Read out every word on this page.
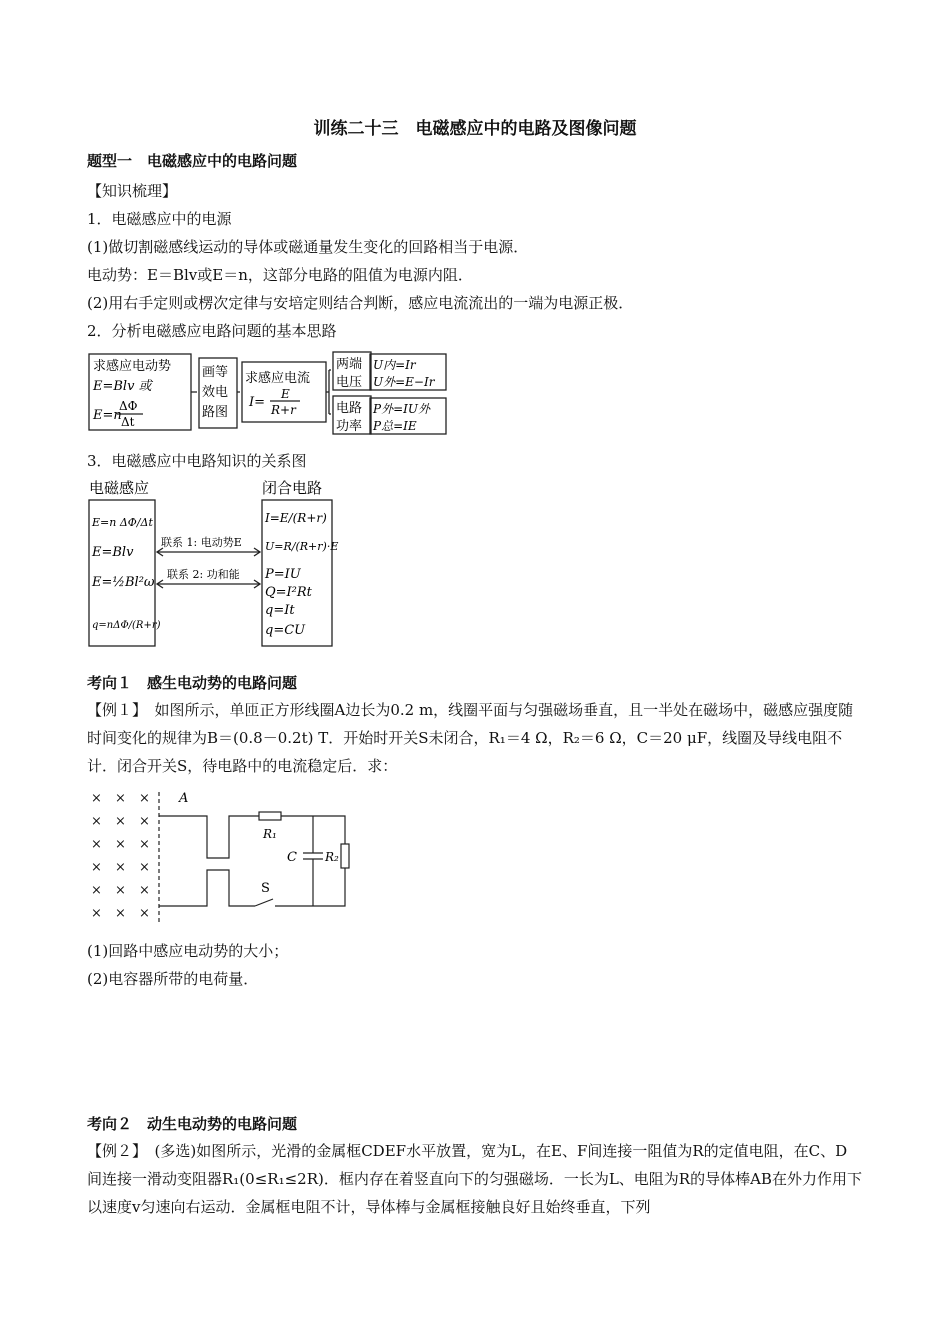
训练二十三　电磁感应中的电路及图像问题
题型一　电磁感应中的电路问题
【知识梳理】
1．电磁感应中的电源
(1)做切割磁感线运动的导体或磁通量发生变化的回路相当于电源．
电动势：E＝Blv或E＝n，这部分电路的阻值为电源内阻．
(2)用右手定则或楞次定律与安培定则结合判断，感应电流流出的一端为电源正极．
2．分析电磁感应电路问题的基本思路
求感应电动势
E=Blv 或
E=n
ΔΦ
Δt
画等
效电
路图
求感应电流
I=
E
R+r
两端
电压
U内=Ir
U外=E−Ir
电路
功率
P外=IU外
P总=IE
3．电磁感应中电路知识的关系图
电磁感应	闭合电路
E=n ΔΦ/Δt
E=Blv
E=½Bl²ω
q=nΔΦ/(R+r)
I=E/(R+r)
U=R/(R+r)·E
P=IU
Q=I²Rt
q=It
q=CU
联系 1: 电动势E
联系 2: 功和能
考向１　感生电动势的电路问题
【例１】　如图所示，单匝正方形线圈A边长为0.2 m，线圈平面与匀强磁场垂直，且一半处在磁场中，磁感应强度随时间变化的规律为B＝(0.8－0.2t) T．开始时开关S未闭合，R₁＝4 Ω，R₂＝6 Ω，C＝20 μF，线圈及导线电阻不计．闭合开关S，待电路中的电流稳定后．求：
× × ×
× × ×
× × ×
× × ×
× × ×
× × ×
A
R₁
C R₂
S
(1)回路中感应电动势的大小；
(2)电容器所带的电荷量．
考向２　动生电动势的电路问题
【例２】　(多选)如图所示，光滑的金属框CDEF水平放置，宽为L，在E、F间连接一阻值为R的定值电阻，在C、D间连接一滑动变阻器R₁(0≤R₁≤2R)．框内存在着竖直向下的匀强磁场．一长为L、电阻为R的导体棒AB在外力作用下以速度v匀速向右运动．金属框电阻不计，导体棒与金属框接触良好且始终垂直，下列
